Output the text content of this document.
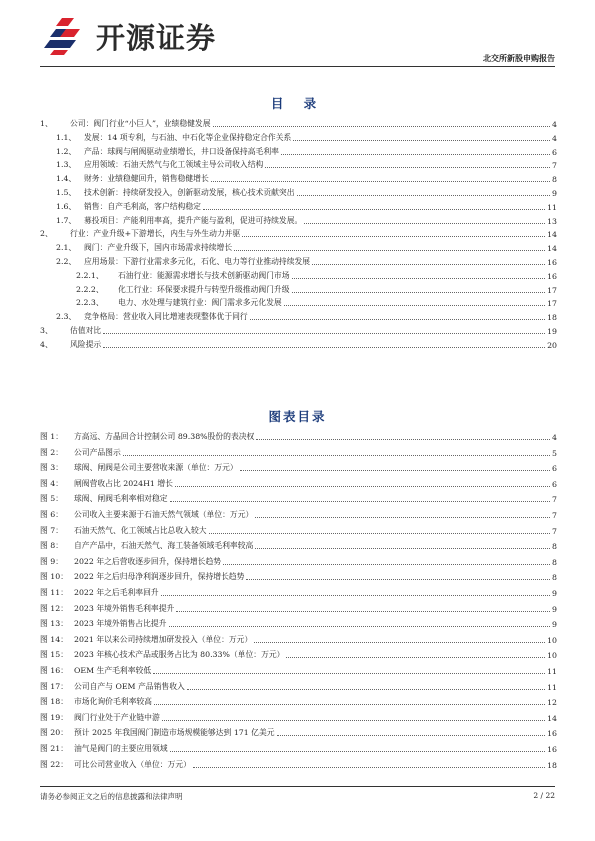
开源证券
北交所新股申购报告
目 录
1、	公司：阀门行业“小巨人”，业绩稳健发展	4
1.1、 发展：14 项专利，与石油、中石化等企业保持稳定合作关系	4
1.2、 产品：球阀与闸阀驱动业绩增长，井口设备保持高毛利率	6
1.3、 应用领域：石油天然气与化工领域主导公司收入结构	7
1.4、 财务：业绩稳健回升，销售稳健增长	8
1.5、 技术创新：持续研发投入，创新驱动发展，核心技术贡献突出	9
1.6、 销售：自产毛利高，客户结构稳定	11
1.7、 募投项目：产能利用率高，提升产能与盈利，促进可持续发展。	13
2、	行业：产业升级+下游增长，内生与外生动力并驱	14
2.1、 阀门：产业升级下，国内市场需求持续增长	14
2.2、 应用场景：下游行业需求多元化，石化、电力等行业推动持续发展	16
2.2.1、	石油行业：能源需求增长与技术创新驱动阀门市场	16
2.2.2、	化工行业：环保要求提升与转型升级推动阀门升级	17
2.2.3、	电力、水处理与建筑行业：阀门需求多元化发展	17
2.3、 竞争格局：营业收入同比增速表现整体优于同行	18
3、	估值对比	19
4、	风险提示	20
图表目录
图 1：	方高远、方晶回合计控制公司 89.38%股份的表决权	4
图 2：	公司产品图示	5
图 3：	球阀、闸阀是公司主要营收来源（单位：万元）	6
图 4：	闸阀营收占比 2024H1 增长	6
图 5：	球阀、闸阀毛利率相对稳定	7
图 6：	公司收入主要来源于石油天然气领域（单位：万元）	7
图 7：	石油天然气、化工领域占比总收入较大	7
图 8：	自产产品中，石油天然气、海工装备领域毛利率较高	8
图 9：	2022 年之后营收逐步回升，保持增长趋势	8
图 10： 2022 年之后归母净利润逐步回升，保持增长趋势	8
图 11： 2022 年之后毛利率回升	9
图 12： 2023 年境外销售毛利率提升	9
图 13： 2023 年境外销售占比提升	9
图 14： 2021 年以来公司持续增加研发投入（单位：万元）	10
图 15： 2023 年核心技术产品或服务占比为 80.33%（单位：万元）	10
图 16： OEM 生产毛利率较低	11
图 17： 公司自产与 OEM 产品销售收入	11
图 18： 市场化询价毛利率较高	12
图 19： 阀门行业处于产业链中游	14
图 20： 预计 2025 年我国阀门制造市场规模能够达到 171 亿美元	16
图 21： 油气是阀门的主要应用领域	16
图 22： 可比公司营业收入（单位：万元）	18
请务必参阅正文之后的信息披露和法律声明	2 / 22
